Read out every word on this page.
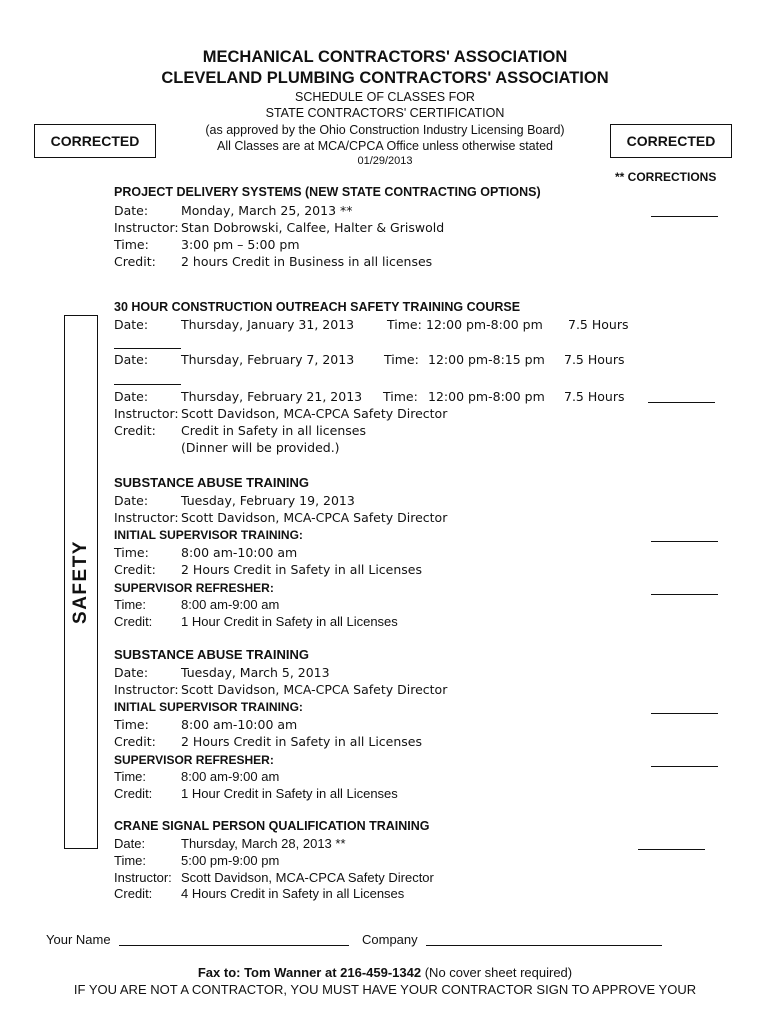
MECHANICAL CONTRACTORS' ASSOCIATION
CLEVELAND PLUMBING CONTRACTORS' ASSOCIATION
SCHEDULE OF CLASSES FOR
STATE CONTRACTORS' CERTIFICATION
(as approved by the Ohio Construction Industry Licensing Board)
All Classes are at MCA/CPCA Office unless otherwise stated
01/29/2013
CORRECTED	CORRECTED
** CORRECTIONS
PROJECT DELIVERY SYSTEMS (NEW STATE CONTRACTING OPTIONS)
Date:	Monday, March 25, 2013 **
Instructor: Stan Dobrowski, Calfee, Halter & Griswold
Time:	3:00 pm – 5:00 pm
Credit: 2 hours Credit in Business in all licenses
SAFETY
30 HOUR CONSTRUCTION OUTREACH SAFETY TRAINING COURSE
Date:	Thursday, January 31, 2013	Time: 12:00 pm-8:00 pm 7.5 Hours
Date:	Thursday, February 7, 2013 Time: 12:00 pm-8:15 pm 7.5 Hours
Date:	Thursday, February 21, 2013 Time: 12:00 pm-8:00 pm 7.5 Hours
Instructor: Scott Davidson, MCA-CPCA Safety Director
Credit: Credit in Safety in all licenses
(Dinner will be provided.)
SUBSTANCE ABUSE TRAINING
Date:	Tuesday, February 19, 2013
Instructor: Scott Davidson, MCA-CPCA Safety Director
INITIAL SUPERVISOR TRAINING:
Time:	8:00 am-10:00 am
Credit: 2 Hours Credit in Safety in all Licenses
SUPERVISOR REFRESHER:
Time:	8:00 am-9:00 am
Credit: 1 Hour Credit in Safety in all Licenses
SUBSTANCE ABUSE TRAINING
Date:	Tuesday, March 5, 2013
Instructor: Scott Davidson, MCA-CPCA Safety Director
INITIAL SUPERVISOR TRAINING:
Time:	8:00 am-10:00 am
Credit: 2 Hours Credit in Safety in all Licenses
SUPERVISOR REFRESHER:
Time:	8:00 am-9:00 am
Credit: 1 Hour Credit in Safety in all Licenses
CRANE SIGNAL PERSON QUALIFICATION TRAINING
Date:	Thursday, March 28, 2013 **
Time:	5:00 pm-9:00 pm
Instructor: Scott Davidson, MCA-CPCA Safety Director
Credit: 4 Hours Credit in Safety in all Licenses
Your Name	Company
Fax to: Tom Wanner at 216-459-1342 (No cover sheet required)
IF YOU ARE NOT A CONTRACTOR, YOU MUST HAVE YOUR CONTRACTOR SIGN TO APPROVE YOUR
